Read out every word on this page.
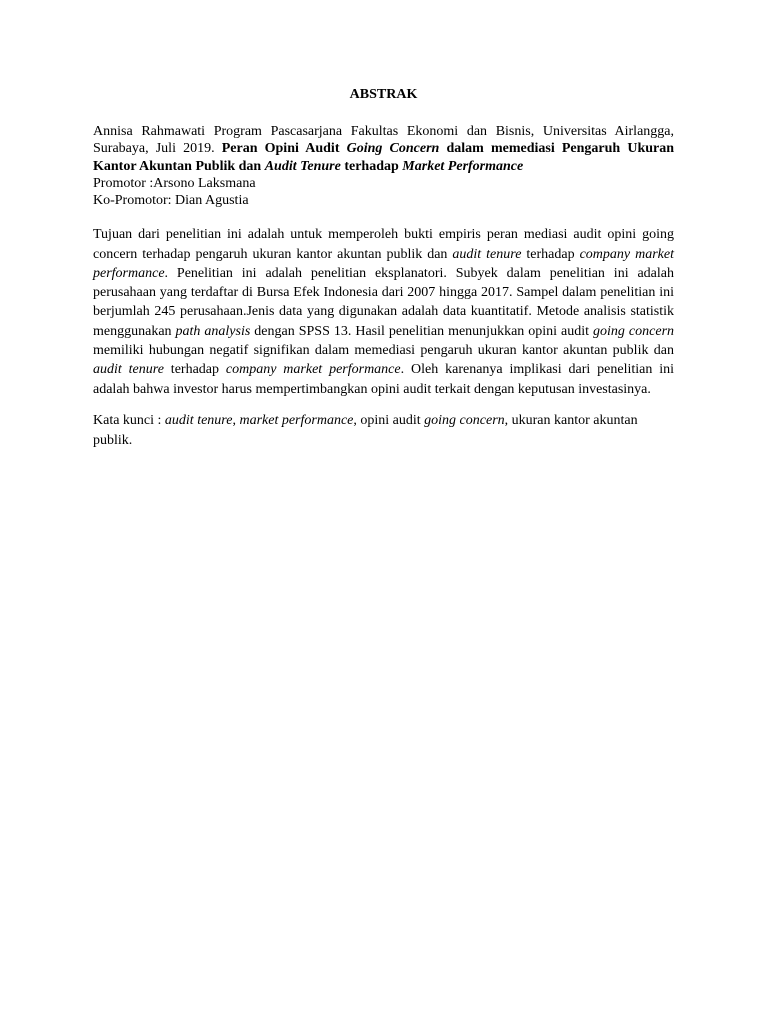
ABSTRAK

Annisa Rahmawati Program Pascasarjana Fakultas Ekonomi dan Bisnis, Universitas Airlangga, Surabaya, Juli 2019. Peran Opini Audit Going Concern dalam memediasi Pengaruh Ukuran Kantor Akuntan Publik dan Audit Tenure terhadap Market Performance
Promotor :Arsono Laksmana
Ko-Promotor: Dian Agustia

Tujuan dari penelitian ini adalah untuk memperoleh bukti empiris peran mediasi audit opini going concern terhadap pengaruh ukuran kantor akuntan publik dan audit tenure terhadap company market performance. Penelitian ini adalah penelitian eksplanatori. Subyek dalam penelitian ini adalah perusahaan yang terdaftar di Bursa Efek Indonesia dari 2007 hingga 2017. Sampel dalam penelitian ini berjumlah 245 perusahaan.Jenis data yang digunakan adalah data kuantitatif. Metode analisis statistik menggunakan path analysis dengan SPSS 13. Hasil penelitian menunjukkan opini audit going concern memiliki hubungan negatif signifikan dalam memediasi pengaruh ukuran kantor akuntan publik dan audit tenure terhadap company market performance. Oleh karenanya implikasi dari penelitian ini adalah bahwa investor harus mempertimbangkan opini audit terkait dengan keputusan investasinya.

Kata kunci : audit tenure, market performance, opini audit going concern, ukuran kantor akuntan publik.
